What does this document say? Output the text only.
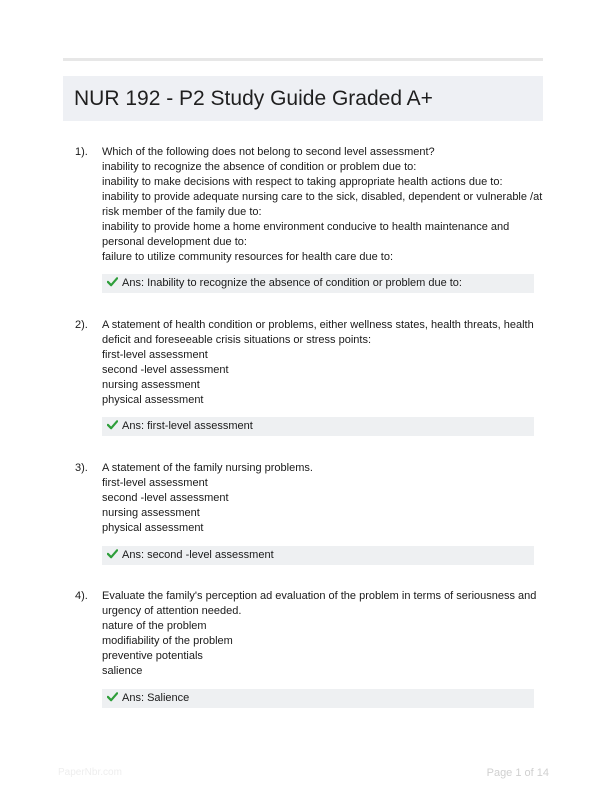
NUR 192 - P2 Study Guide Graded A+
1). Which of the following does not belong to second level assessment?
inability to recognize the absence of condition or problem due to:
inability to make decisions with respect to taking appropriate health actions due to:
inability to provide adequate nursing care to the sick, disabled, dependent or vulnerable /at
risk member of the family due to:
inability to provide home a home environment conducive to health maintenance and
personal development due to:
failure to utilize community resources for health care due to:
Ans: Inability to recognize the absence of condition or problem due to:
2). A statement of health condition or problems, either wellness states, health threats, health
deficit and foreseeable crisis situations or stress points:
first-level assessment
second -level assessment
nursing assessment
physical assessment
Ans: first-level assessment
3). A statement of the family nursing problems.
first-level assessment
second -level assessment
nursing assessment
physical assessment
Ans: second -level assessment
4). Evaluate the family's perception ad evaluation of the problem in terms of seriousness and
urgency of attention needed.
nature of the problem
modifiability of the problem
preventive potentials
salience
Ans: Salience
PaperNbr.com	Page 1 of 14
